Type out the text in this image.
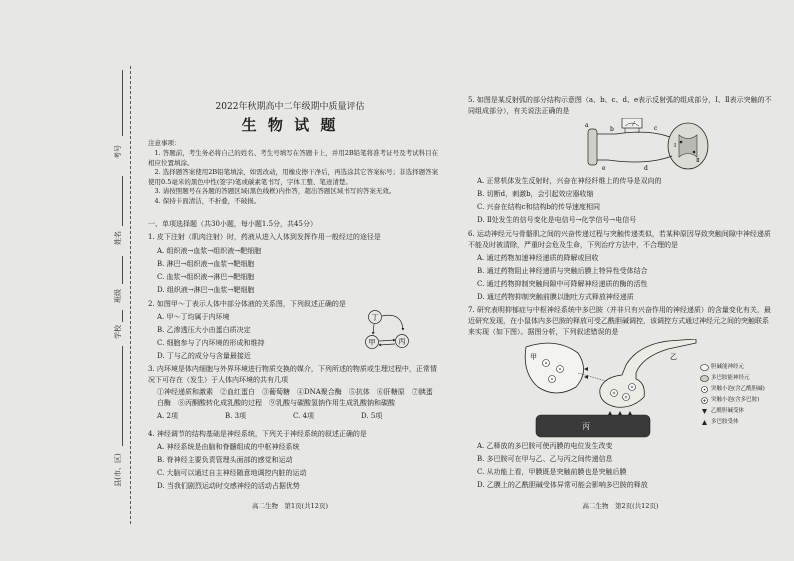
考号
姓名
班级
学校
县(市、区)
2022年秋期高中二年级期中质量评估
生 物 试 题
注意事项：
1. 答题前，考生务必将自己的姓名、考生号填写在答题卡上，并用2B铅笔将准考证号及考试科目在相应位置填涂。
2. 选择题答案使用2B铅笔填涂，如需改动，用橡皮擦干净后，再选涂其它答案标号；非选择题答案使用0.5毫米的黑色中性(签字)笔或碳素笔书写，字体工整、笔迹清楚。
3. 请按照题号在各题的答题区域(黑色线框)内作答，超出答题区域书写的答案无效。
4. 保持卡面清洁，不折叠，不破损。
一、单项选择题（共30小题，每小题1.5分，共45分）
1. 皮下注射（肌肉注射）时，药液从进入人体到发挥作用一般经过的途径是
A. 组织液→血浆→组织液→靶细胞
B. 淋巴→组织液→血浆→靶细胞
C. 血浆→组织液→淋巴→靶细胞
D. 组织液→淋巴→血浆→靶细胞
2. 如图甲～丁表示人体中部分体液的关系图，下列叙述正确的是
A. 甲～丁均属于内环境
B. 乙渗透压大小由蛋白质决定
C. 细胞参与了内环境的形成和维持
D. 丁与乙的成分与含量最接近
丁
甲	丙
3. 内环境是体内细胞与外界环境进行物质交换的媒介，下列所述的物质或生理过程中，正常情况下可存在（发生）于人体内环境的共有几项
①神经递质和激素　②血红蛋白　③葡萄糖　④DNA聚合酶　⑤抗体　⑥肝糖原　⑦胰蛋白酶　⑧丙酮酸转化成乳酸的过程　⑨乳酸与碳酸氢钠作用生成乳酸钠和碳酸
A. 2项	B. 3项	C. 4项	D. 5项
4. 神经调节的结构基础是神经系统，下列关于神经系统的叙述正确的是
A. 神经系统是由脑和脊髓组成的中枢神经系统
B. 脊神经主要负责管理头面部的感觉和运动
C. 大脑可以通过自主神经随意地调控内脏的运动
D. 当我们剧烈运动时交感神经的活动占据优势
高二生物　第1页(共12页)
5. 如图是某反射弧的部分结构示意图（a、b、c、d、e表示反射弧的组成部分，Ⅰ、Ⅱ表示突触的不同组成部分），有关说法正确的是
a
b	c
d
e
Ⅰ
Ⅱ
A. 正常机体发生反射时，兴奋在神经纤维上的传导是双向的
B. 切断d，刺激b，会引起效应器收缩
C. 兴奋在结构c和结构b的传导速度相同
D. Ⅱ处发生的信号变化是电信号→化学信号→电信号
6. 运动神经元与骨骼肌之间的兴奋传递过程与突触传递类似，若某种原因导致突触间隙中神经递质不能及时被清除，严重时会危及生命，下列治疗方法中，不合理的是
A. 通过药物加速神经递质的降解或回收
B. 通过药物阻止神经递质与突触后膜上特异性受体结合
C. 通过药物抑制突触间隙中可降解神经递质的酶的活性
D. 通过药物抑制突触前膜以胞吐方式释放神经递质
7. 研究表明抑郁症与中枢神经系统中多巴胺（并非只有兴奋作用的神经递质）的含量变化有关，最近研究发现，在小鼠体内多巴胺的释放可受乙酰胆碱调控，该调控方式通过神经元之间的突触联系来实现（如下图）。据图分析，下列叙述错误的是
甲	乙
丙
胆碱能神经元
多巴胺能神经元
突触小泡(含乙酰胆碱)
突触小泡(含多巴胺)
乙酰胆碱受体
多巴胺受体
A. 乙释放的多巴胺可使丙膜的电位发生改变
B. 多巴胺可在甲与乙、乙与丙之间传递信息
C. 从功能上看，甲膜既是突触前膜也是突触后膜
D. 乙膜上的乙酰胆碱受体异常可能会影响多巴胺的释放
高二生物　第2页(共12页)
